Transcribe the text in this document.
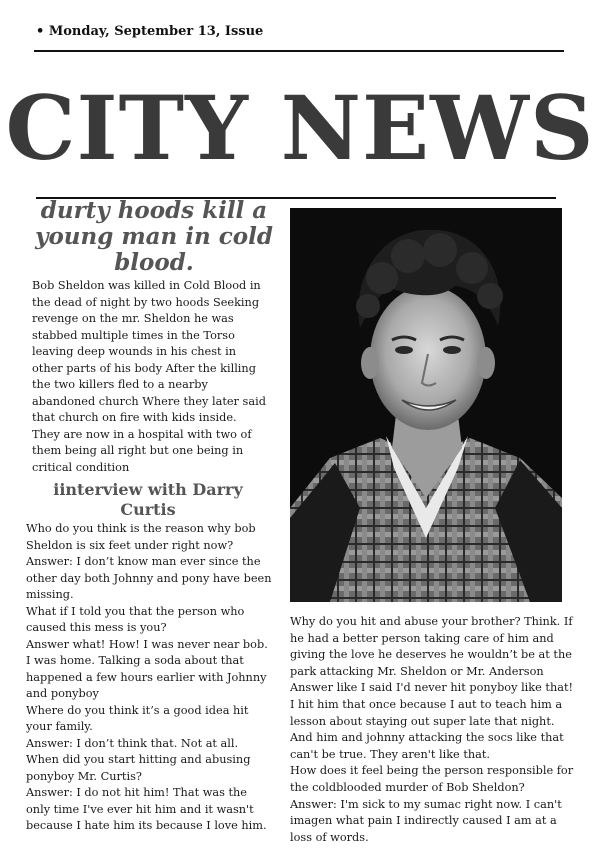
• Monday, September 13, Issue
CITY NEWS
durty hoods kill a young man in cold blood.
Bob Sheldon was killed in Cold Blood in the dead of night by two hoods Seeking revenge on the mr. Sheldon he was stabbed multiple times in the Torso leaving deep wounds in his chest in other parts of his body After the killing the two killers fled to a nearby abandoned church Where they later said that church on fire with kids inside. They are now in a hospital with two of them being all right but one being in critical condition
iinterview with Darry Curtis

Who do you think is the reason why bob Sheldon is six feet under right now?

Answer: I don’t know man ever since the other day both Johnny and pony have been missing.

What if I told you that the person who caused this mess is you?

Answer what! How! I was never near bob. I was home. Talking a soda about that happened a few hours earlier with Johnny and ponyboy

Where do you think it’s a good idea hit your family.

Answer: I don’t think that. Not at all.

When did you start hitting and abusing ponyboy Mr. Curtis?

Answer: I do not hit him! That was the only time I've ever hit him and it wasn't because I hate him its because I love him.

Why do you hit and abuse your brother? Think. If he had a better person taking care of him and giving the love he deserves he wouldn’t be at the park attacking Mr. Sheldon or Mr. Anderson

Answer like I said I'd never hit ponyboy like that! I hit him that once because I aut to teach him a lesson about staying out super late that night. And him and johnny attacking the socs like that can't be true. They aren't like that.

How does it feel being the person responsible for the coldblooded murder of Bob Sheldon?

Answer: I'm sick to my sumac right now. I can't imagen what pain I indirectly caused I am at a loss of words.
